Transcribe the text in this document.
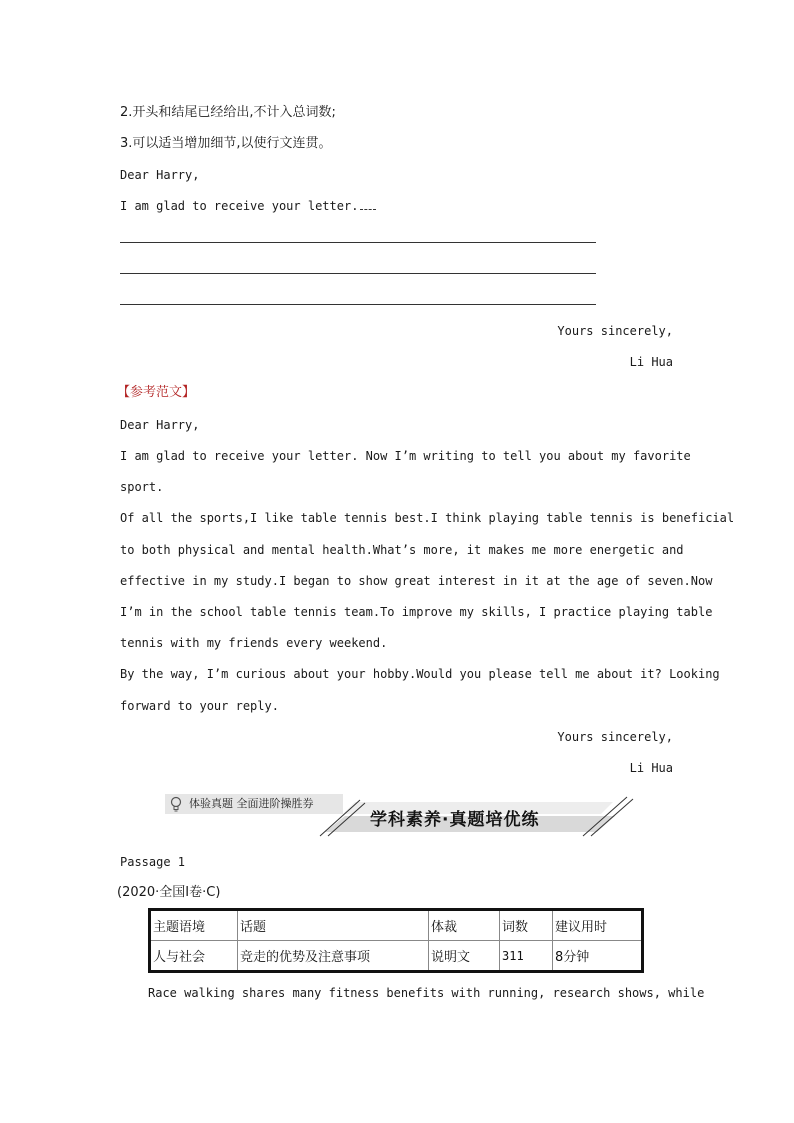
2.开头和结尾已经给出,不计入总词数;
3.可以适当增加细节,以使行文连贯。
Dear Harry,
I am glad to receive your letter.
Yours sincerely,
Li Hua
【参考范文】
Dear Harry,
I am glad to receive your letter. Now I’m writing to tell you about my favorite
sport.
Of all the sports,I like table tennis best.I think playing table tennis is beneficial
to both physical and mental health.What’s more, it makes me more energetic and
effective in my study.I began to show great interest in it at the age of seven.Now
I’m in the school table tennis team.To improve my skills, I practice playing table
tennis with my friends every weekend.
By the way, I’m curious about your hobby.Would you please tell me about it? Looking
forward to your reply.
Yours sincerely,
Li Hua
体验真题 全面进阶操胜券
学科素养·真题培优练
Passage 1
(2020·全国Ⅰ卷·C)
主题语境	话题	体裁	词数	建议用时
人与社会	竞走的优势及注意事项	说明文	311	8分钟
Race walking shares many fitness benefits with running, research shows, while
